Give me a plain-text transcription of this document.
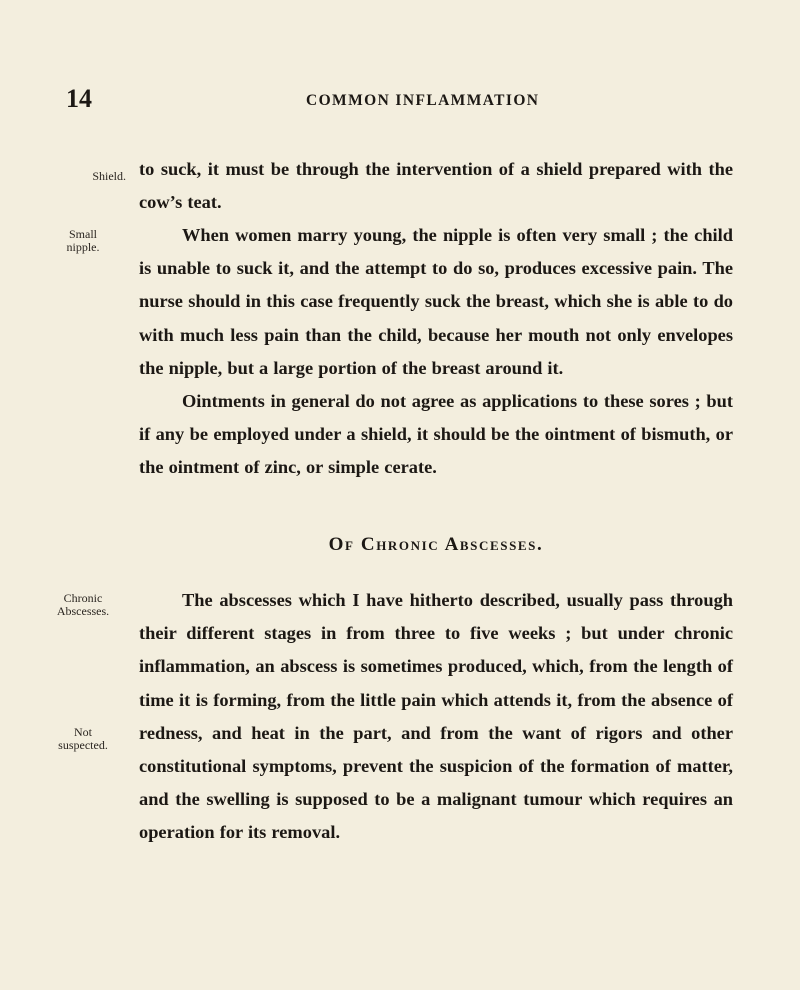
14	COMMON INFLAMMATION
Shield.
Small
nipple.
Chronic
Abscesses.
Not
suspected.

to suck, it must be through the intervention of a shield prepared with the cow’s teat.

When women marry young, the nipple is often very small ; the child is unable to suck it, and the attempt to do so, produces excessive pain. The nurse should in this case frequently suck the breast, which she is able to do with much less pain than the child, because her mouth not only envelopes the nipple, but a large portion of the breast around it.

Ointments in general do not agree as applications to these sores ; but if any be employed under a shield, it should be the ointment of bismuth, or the ointment of zinc, or simple cerate.

Of Chronic Abscesses.

The abscesses which I have hitherto described, usually pass through their different stages in from three to five weeks ; but under chronic inflammation, an abscess is sometimes produced, which, from the length of time it is forming, from the little pain which attends it, from the absence of redness, and heat in the part, and from the want of rigors and other constitutional symptoms, prevent the suspicion of the formation of matter, and the swelling is supposed to be a malignant tumour which requires an operation for its removal.
